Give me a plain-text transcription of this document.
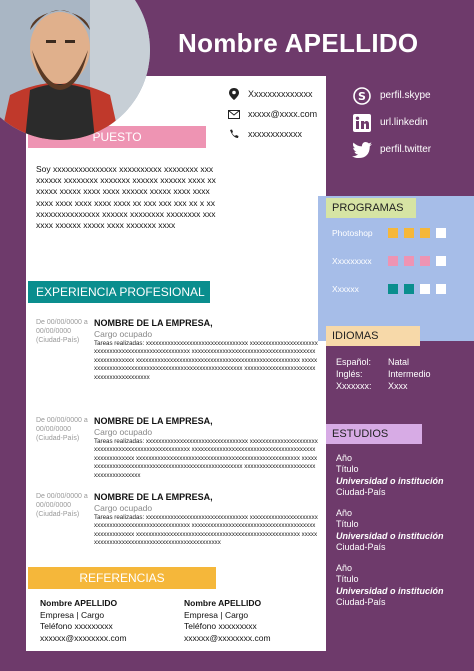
Nombre APELLIDO
Xxxxxxxxxxxxxx
xxxxx@xxxx.com
xxxxxxxxxxxx
S perfil.skype
url.linkedin
perfil.twitter
PUESTO
Soy xxxxxxxxxxxxxxx xxxxxxxxxx xxxxxxxx xxxxxxxxx xxxxxxxx xxxxxxx xxxxxx xxxxxx xxxx xxxxxxx xxxxx xxxx xxxx xxxxxx xxxxx xxxx xxxx xxxx xxxx xxxx xxxx xxxx xx xxx xxx xxx xx x xxxxxxxxxxxxxxxxx xxxxxx xxxxxxxx xxxxxxxx xxxxxxx xxxxxx xxxxx xxxx xxxxxxx xxxx
EXPERIENCIA PROFESIONAL
De 00/00/0000 a 00/00/0000 (Ciudad-País)
NOMBRE DE LA EMPRESA,
Cargo ocupado
Tareas realizadas: xxxxxxxxxxxxxxxxxxxxxxxxxxxxxxxxx xxxxxxxxxxxxxxxxxxxxxxxxxxxxxxxxxxxxxxxxxxxxxxxxxxxxx xxxxxxxxxxxxxxxxxxxxxxxxxxxxxxxxxxxxxxxxxxxxxxxxxxxxx xxxxxxxxxxxxxxxxxxxxxxxxxxxxxxxxxxxxxxxxxxxxxxxxxxxxx xxxxxxxxxxxxxxxxxxxxxxxxxxxxxxxxxxxxxxxxxxxxxxxxxxxxx xxxxxxxxxxxxxxxxxxxxxxxxxxxxxxxxxxxxxxxxx
De 00/00/0000 a 00/00/0000 (Ciudad-País)
NOMBRE DE LA EMPRESA,
Cargo ocupado
Tareas realizadas: xxxxxxxxxxxxxxxxxxxxxxxxxxxxxxxxx xxxxxxxxxxxxxxxxxxxxxxxxxxxxxxxxxxxxxxxxxxxxxxxxxxxxx xxxxxxxxxxxxxxxxxxxxxxxxxxxxxxxxxxxxxxxxxxxxxxxxxxxxx xxxxxxxxxxxxxxxxxxxxxxxxxxxxxxxxxxxxxxxxxxxxxxxxxxxxx xxxxxxxxxxxxxxxxxxxxxxxxxxxxxxxxxxxxxxxxxxxxxxxxxxxxx xxxxxxxxxxxxxxxxxxxxxxxxxxxxxxxxxxxxxx
De 00/00/0000 a 00/00/0000 (Ciudad-País)
NOMBRE DE LA EMPRESA,
Cargo ocupado
Tareas realizadas: xxxxxxxxxxxxxxxxxxxxxxxxxxxxxxxxx xxxxxxxxxxxxxxxxxxxxxxxxxxxxxxxxxxxxxxxxxxxxxxxxxxxxx xxxxxxxxxxxxxxxxxxxxxxxxxxxxxxxxxxxxxxxxxxxxxxxxxxxxx xxxxxxxxxxxxxxxxxxxxxxxxxxxxxxxxxxxxxxxxxxxxxxxxxxxxx xxxxxxxxxxxxxxxxxxxxxxxxxxxxxxxxxxxxxxxxxxxxxx
REFERENCIAS
Nombre APELLIDO
Empresa | Cargo
Teléfono xxxxxxxxx
xxxxxx@xxxxxxxx.com
Nombre APELLIDO
Empresa | Cargo
Teléfono xxxxxxxxx
xxxxxx@xxxxxxxx.com
PROGRAMAS
Photoshop
Xxxxxxxxx
Xxxxxx
IDIOMAS
Español:	Natal
Inglés:	Intermedio
Xxxxxxx:	Xxxx
ESTUDIOS
Año
Título
Universidad o institución
Ciudad-País
Año
Título
Universidad o institución
Ciudad-País
Año
Título
Universidad o institución
Ciudad-País
